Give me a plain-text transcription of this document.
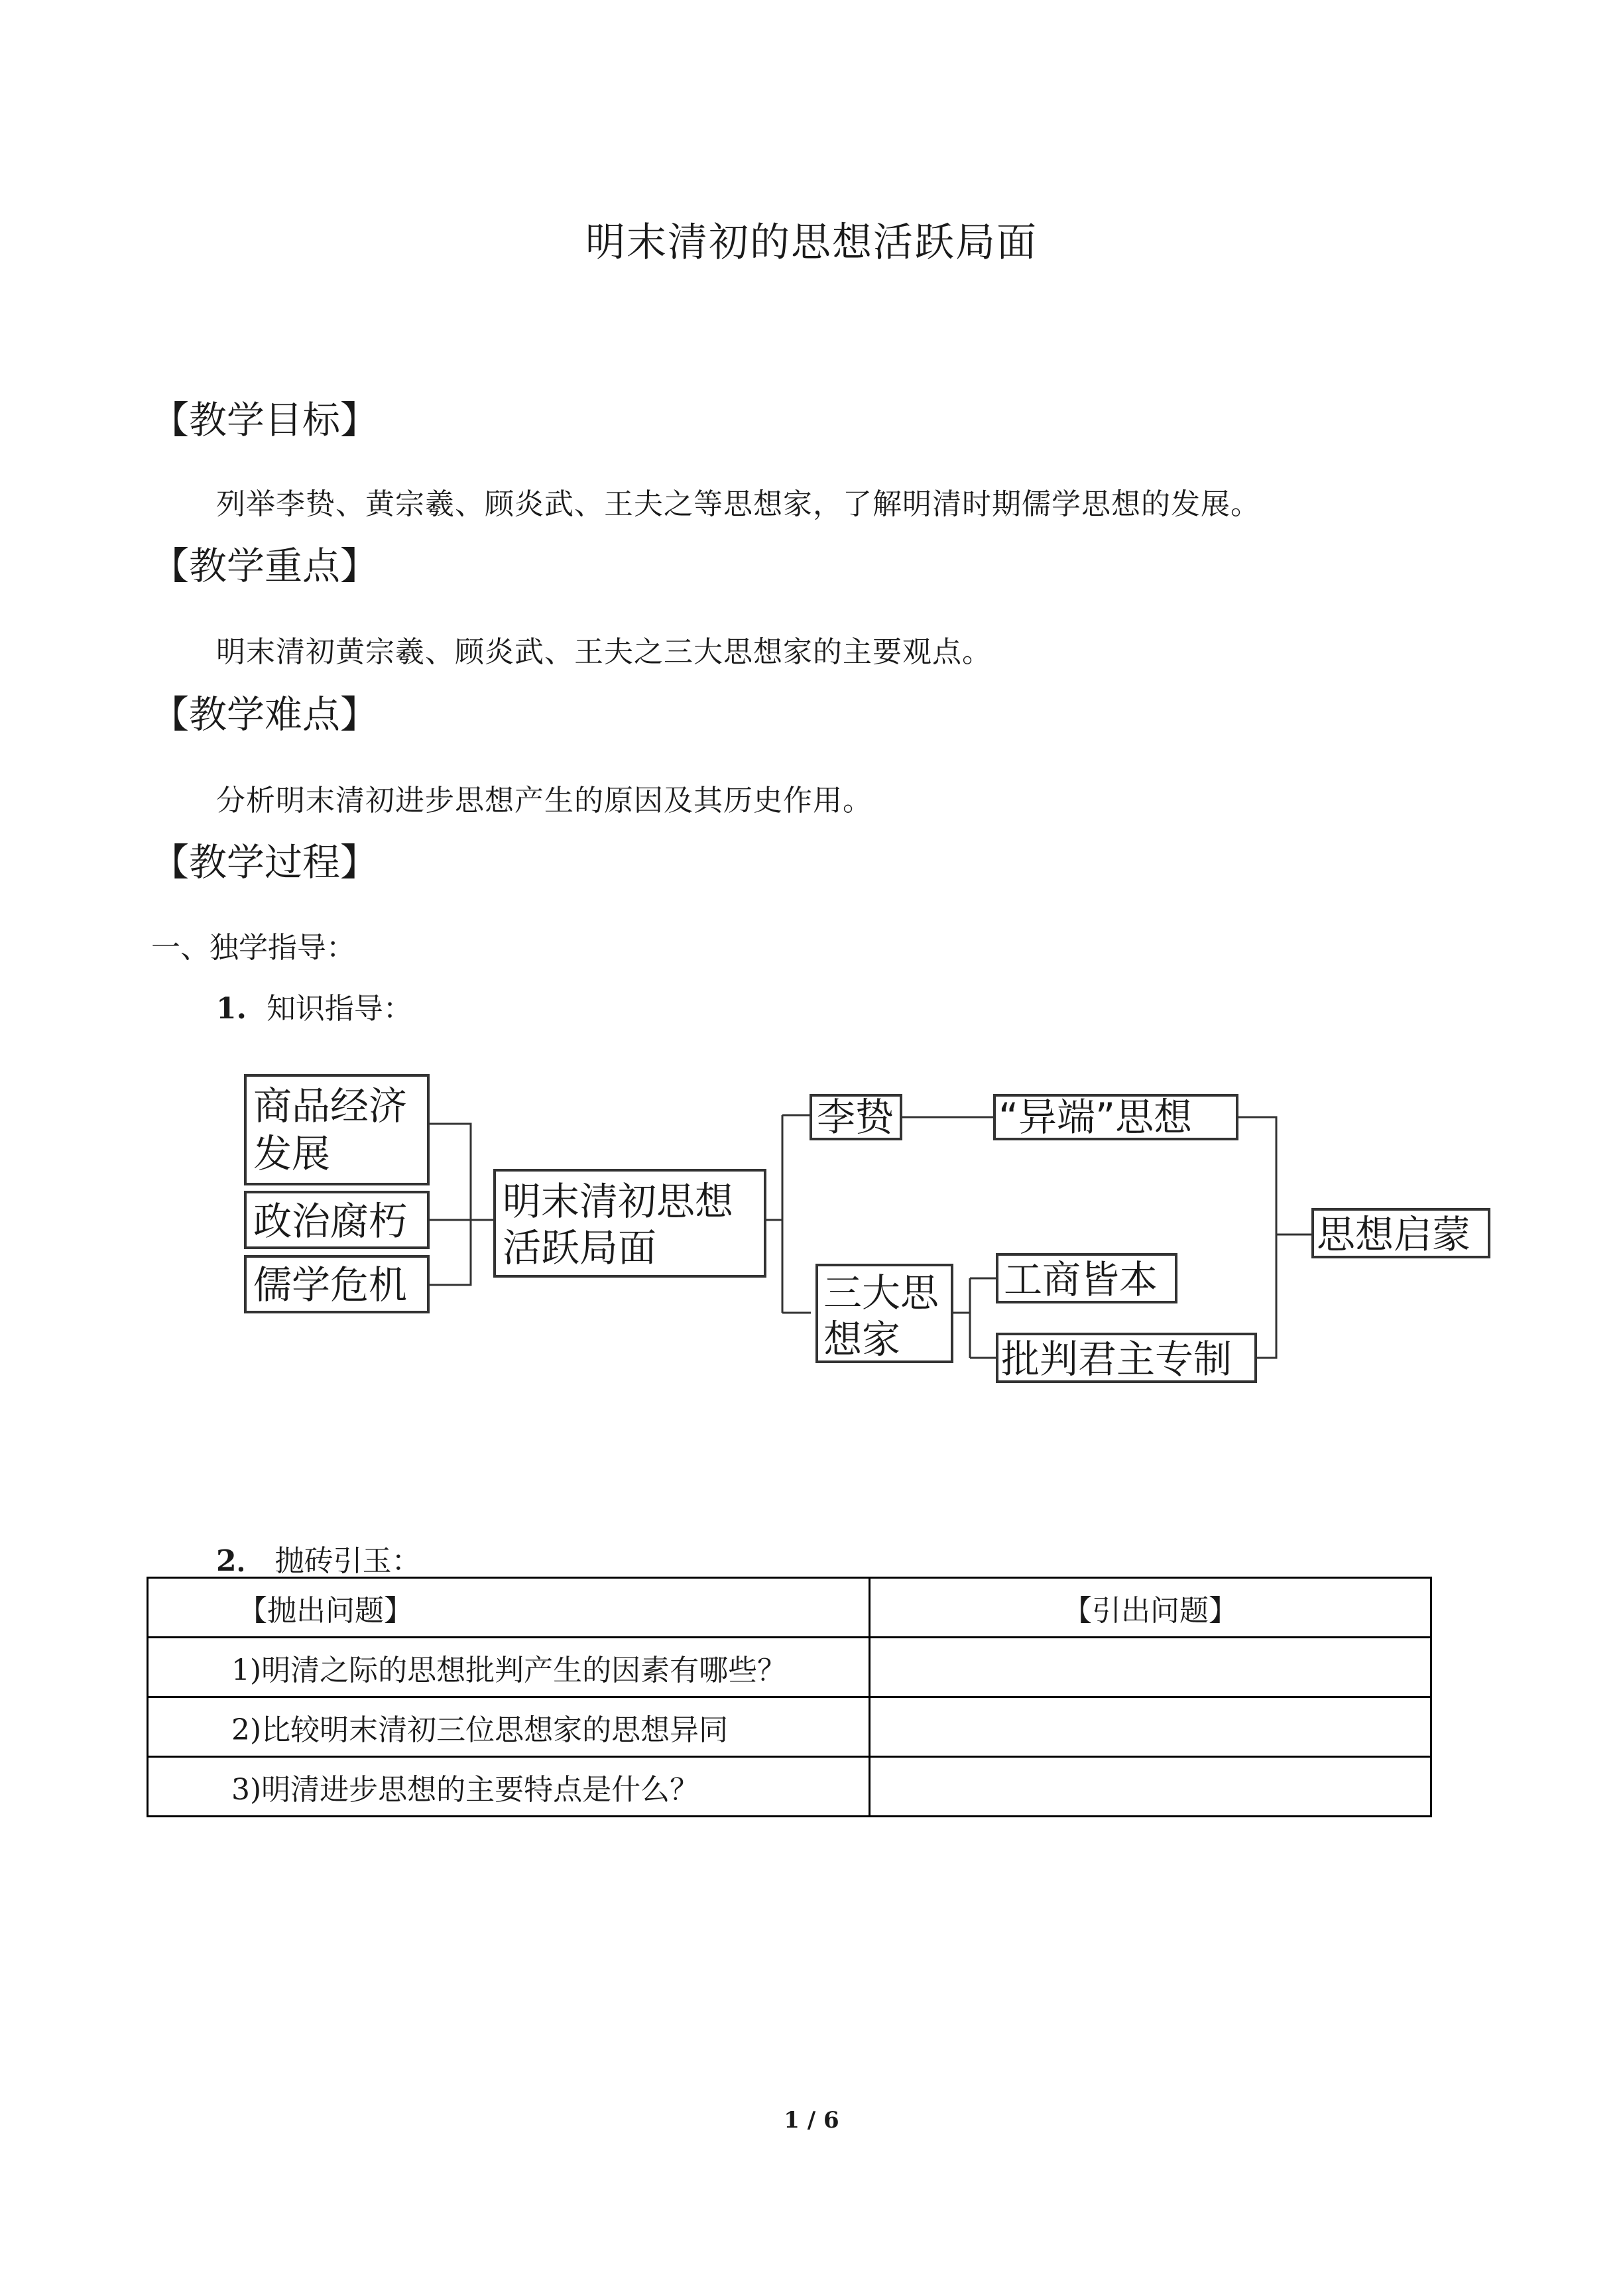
明末清初的思想活跃局面
【教学目标】
列举李贽、黄宗羲、顾炎武、王夫之等思想家，了解明清时期儒学思想的发展。
【教学重点】
明末清初黄宗羲、顾炎武、王夫之三大思想家的主要观点。
【教学难点】
分析明末清初进步思想产生的原因及其历史作用。
【教学过程】
一、独学指导：
1. 知识指导：
商品经济
发展
政治腐朽
儒学危机
明末清初思想
活跃局面
李贽	“异端”思想
三大思
想家
工商皆本
批判君主专制
思想启蒙
2． 抛砖引玉：
【抛出问题】	【引出问题】
1)明清之际的思想批判产生的因素有哪些？	
2)比较明末清初三位思想家的思想异同	
3)明清进步思想的主要特点是什么？	
1 / 6
